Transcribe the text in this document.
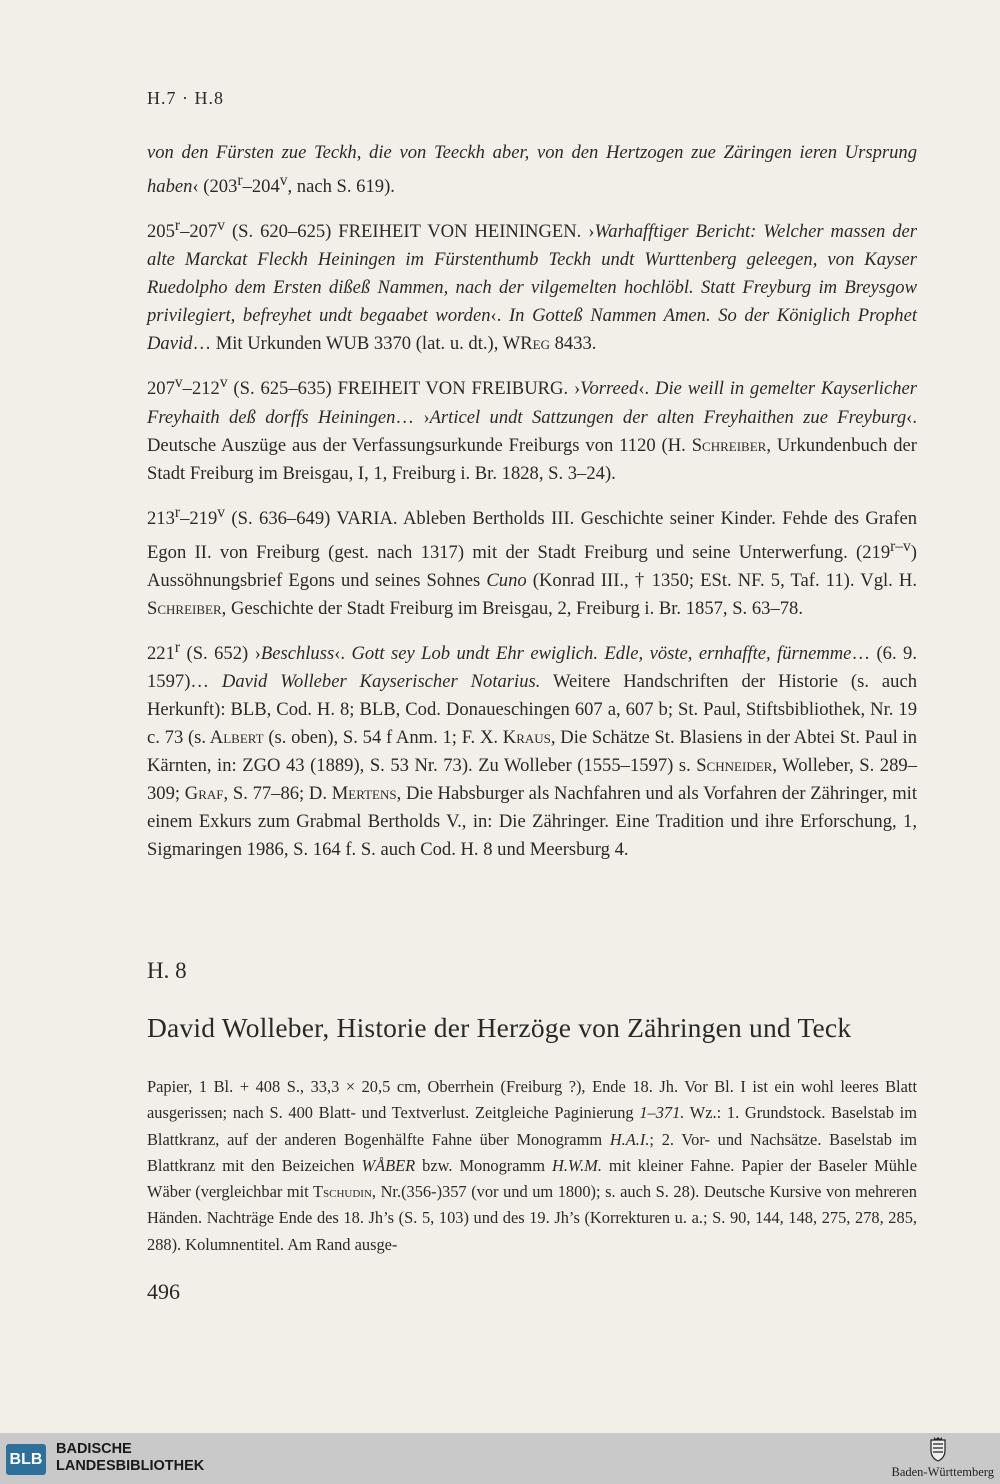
H.7 · H.8

von den Fürsten zue Teckh, die von Teeckh aber, von den Hertzogen zue Zäringen ieren Ursprung haben‹ (203$^r$–204$^v$, nach S. 619).

205$^r$–207$^v$ (S. 620–625) FREIHEIT VON HEININGEN. ›Warhafftiger Bericht: Welcher massen der alte Marckat Fleckh Heiningen im Fürstenthumb Teckh undt Wurttenberg geleegen, von Kayser Ruedolpho dem Ersten dißeß Nammen, nach der vilgemelten hochlöbl. Statt Freyburg im Breysgow privilegiert, befreyhet undt begaabet worden‹. In Gotteß Nammen Amen. So der Königlich Prophet David… Mit Urkunden WUB 3370 (lat. u. dt.), WReg 8433.

207$^v$–212$^v$ (S. 625–635) FREIHEIT VON FREIBURG. ›Vorreed‹. Die weill in gemelter Kayserlicher Freyhaith deß dorffs Heiningen… ›Articel undt Sattzungen der alten Freyhaithen zue Freyburg‹. Deutsche Auszüge aus der Verfassungsurkunde Freiburgs von 1120 (H. Schreiber, Urkundenbuch der Stadt Freiburg im Breisgau, I, 1, Freiburg i. Br. 1828, S. 3–24).

213$^r$–219$^v$ (S. 636–649) VARIA. Ableben Bertholds III. Geschichte seiner Kinder. Fehde des Grafen Egon II. von Freiburg (gest. nach 1317) mit der Stadt Freiburg und seine Unterwerfung. (219$^{r-v}$) Aussöhnungsbrief Egons und seines Sohnes Cuno (Konrad III., † 1350; ESt. NF. 5, Taf. 11). Vgl. H. Schreiber, Geschichte der Stadt Freiburg im Breisgau, 2, Freiburg i. Br. 1857, S. 63–78.

221$^r$ (S. 652) ›Beschluss‹. Gott sey Lob undt Ehr ewiglich. Edle, vöste, ernhaffte, fürnemme… (6. 9. 1597)… David Wolleber Kayserischer Notarius. Weitere Handschriften der Historie (s. auch Herkunft): BLB, Cod. H. 8; BLB, Cod. Donaueschingen 607 a, 607 b; St. Paul, Stiftsbibliothek, Nr. 19 c. 73 (s. Albert (s. oben), S. 54 f Anm. 1; F. X. Kraus, Die Schätze St. Blasiens in der Abtei St. Paul in Kärnten, in: ZGO 43 (1889), S. 53 Nr. 73). Zu Wolleber (1555–1597) s. Schneider, Wolleber, S. 289–309; Graf, S. 77–86; D. Mertens, Die Habsburger als Nachfahren und als Vorfahren der Zähringer, mit einem Exkurs zum Grabmal Bertholds V., in: Die Zähringer. Eine Tradition und ihre Erforschung, 1, Sigmaringen 1986, S. 164 f. S. auch Cod. H. 8 und Meersburg 4.

H. 8
David Wolleber, Historie der Herzöge von Zähringen und Teck
Papier, 1 Bl. + 408 S., 33,3 × 20,5 cm, Oberrhein (Freiburg ?), Ende 18. Jh. Vor Bl. I ist ein wohl leeres Blatt ausgerissen; nach S. 400 Blatt- und Textverlust. Zeitgleiche Paginierung 1–371. Wz.: 1. Grundstock. Baselstab im Blattkranz, auf der anderen Bogenhälfte Fahne über Monogramm H.A.I.; 2. Vor- und Nachsätze. Baselstab im Blattkranz mit den Beizeichen WÅBER bzw. Monogramm H.W.M. mit kleiner Fahne. Papier der Baseler Mühle Wäber (vergleichbar mit Tschudin, Nr.(356-)357 (vor und um 1800); s. auch S. 28). Deutsche Kursive von mehreren Händen. Nachträge Ende des 18. Jh’s (S. 5, 103) und des 19. Jh’s (Korrekturen u. a.; S. 90, 144, 148, 275, 278, 285, 288). Kolumnentitel. Am Rand ausge-
496
BLB
BADISCHE
LANDESBIBLIOTHEK	Baden-Württemberg
